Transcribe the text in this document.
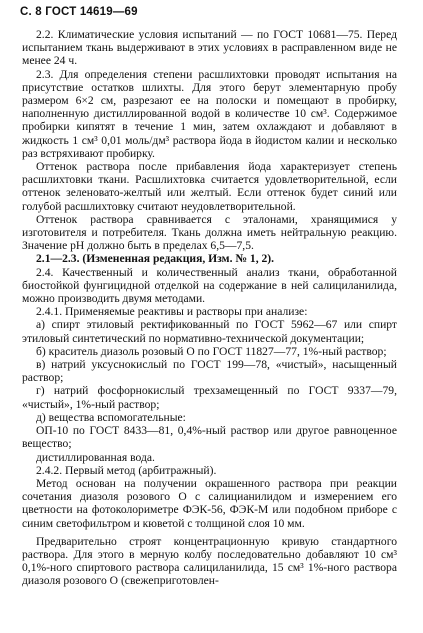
С. 8 ГОСТ 14619—69

2.2. Климатические условия испытаний — по ГОСТ 10681—75. Перед испытанием ткань выдерживают в этих условиях в расправленном виде не менее 24 ч.

2.3. Для определения степени расшлихтовки проводят испытания на присутствие остатков шлихты. Для этого берут элементарную пробу размером 6×2 см, разрезают ее на полоски и помещают в пробирку, наполненную дистиллированной водой в количестве 10 см³. Содержимое пробирки кипятят в течение 1 мин, затем охлаждают и добавляют в жидкость 1 см³ 0,01 моль/дм³ раствора йода в йодистом калии и несколько раз встряхивают пробирку.

Оттенок раствора после прибавления йода характеризует степень расшлихтовки ткани. Расшлихтовка считается удовлетворительной, если оттенок зеленовато-желтый или желтый. Если оттенок будет синий или голубой расшлихтовку считают неудовлетворительной.

Оттенок раствора сравнивается с эталонами, хранящимися у изготовителя и потребителя. Ткань должна иметь нейтральную реакцию. Значение pH должно быть в пределах 6,5—7,5.

2.1—2.3. (Измененная редакция, Изм. № 1, 2).

2.4. Качественный и количественный анализ ткани, обработанной биостойкой фунгицидной отделкой на содержание в ней салициланилида, можно производить двумя методами.

2.4.1. Применяемые реактивы и растворы при анализе:

а) спирт этиловый ректификованный по ГОСТ 5962—67 или спирт этиловый синтетический по нормативно-технической документации;

б) краситель диазоль розовый О по ГОСТ 11827—77, 1%-ный раствор;

в) натрий уксуснокислый по ГОСТ 199—78, «чистый», насыщенный раствор;

г) натрий фосфорнокислый трехзамещенный по ГОСТ 9337—79, «чистый», 1%-ный раствор;

д) вещества вспомогательные:

ОП-10 по ГОСТ 8433—81, 0,4%-ный раствор или другое равноценное вещество;

дистиллированная вода.

2.4.2. Первый метод (арбитражный).

Метод основан на получении окрашенного раствора при реакции сочетания диазоля розового О с салицианилидом и измерением его цветности на фотоколориметре ФЭК-56, ФЭК-М или подобном приборе с синим светофильтром и кюветой с толщиной слоя 10 мм.

Предварительно строят концентрационную кривую стандартного раствора. Для этого в мерную колбу последовательно добавляют 10 см³ 0,1%-ного спиртового раствора салициланилида, 15 см³ 1%-ного раствора диазоля розового О (свежеприготовлен-
